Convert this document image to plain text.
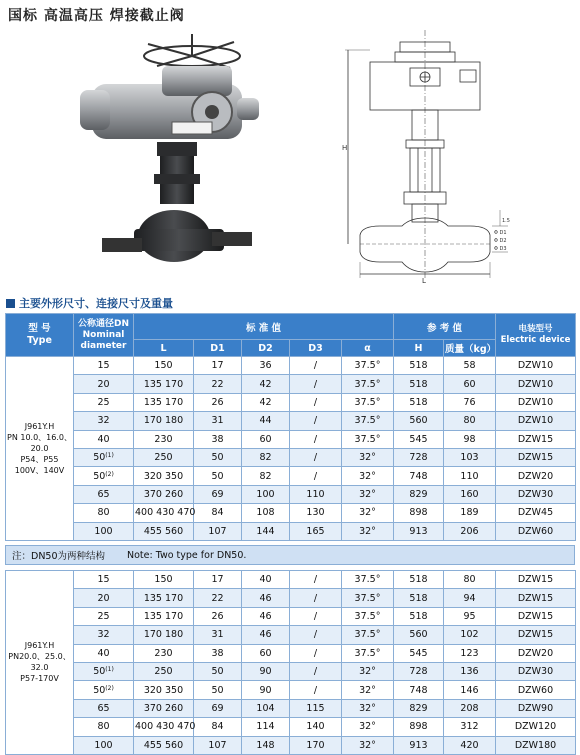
国标 高温高压 焊接截止阀
H
L
1.5
Φ D1
Φ D2
Φ D3
主要外形尺寸、连接尺寸及重量
型 号
Type	公称通径DN
Nominal diameter	标 准 值					参 考 值		电装型号
Electric device
		L	D1	D2	D3	α	H	质量（kg）	
J961Y.H
PN 10.0、16.0、20.0
P54、P55
100V、140V	15	150	17	36	/	37.5°	518	58	DZW10
	20	135 170	22	42	/	37.5°	518	60	DZW10
	25	135 170	26	42	/	37.5°	518	76	DZW10
	32	170 180	31	44	/	37.5°	560	80	DZW10
	40	230	38	60	/	37.5°	545	98	DZW15
	50$^{(1)}$	250	50	82	/	32°	728	103	DZW15
	50$^{(2)}$	320 350	50	82	/	32°	748	110	DZW20
	65	370 260	69	100	110	32°	829	160	DZW30
	80	400 430 470	84	108	130	32°	898	189	DZW45
	100	455 560	107	144	165	32°	913	206	DZW60
注：DN50为两种结构 Note: Two type for DN50.
J961Y.H
PN20.0、25.0、32.0
P57-170V	15	150	17	40	/	37.5°	518	80	DZW15
	20	135 170	22	46	/	37.5°	518	94	DZW15
	25	135 170	26	46	/	37.5°	518	95	DZW15
	32	170 180	31	46	/	37.5°	560	102	DZW15
	40	230	38	60	/	37.5°	545	123	DZW20
	50$^{(1)}$	250	50	90	/	32°	728	136	DZW30
	50$^{(2)}$	320 350	50	90	/	32°	748	146	DZW60
	65	370 260	69	104	115	32°	829	208	DZW90
	80	400 430 470	84	114	140	32°	898	312	DZW120
	100	455 560	107	148	170	32°	913	420	DZW180
